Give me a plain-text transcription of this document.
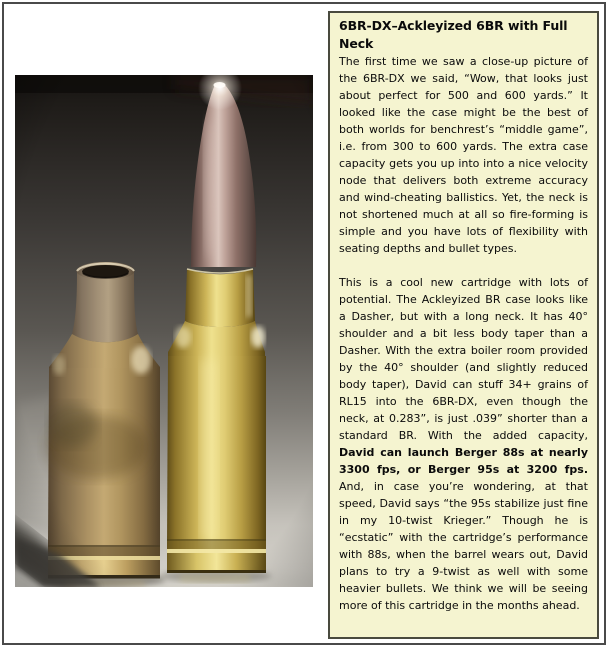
6BR-DX–Ackleyized 6BR with Full Neck

The first time we saw a close-up picture of the 6BR-DX we said, “Wow, that looks just about perfect for 500 and 600 yards.” It looked like the case might be the best of both worlds for benchrest’s “middle game”, i.e. from 300 to 600 yards. The extra case capacity gets you up into into a nice velocity node that delivers both extreme accuracy and wind-cheating ballistics. Yet, the neck is not shortened much at all so fire-forming is simple and you have lots of flexibility with seating depths and bullet types.

This is a cool new cartridge with lots of potential. The Ackleyized BR case looks like a Dasher, but with a long neck. It has 40° shoulder and a bit less body taper than a Dasher. With the extra boiler room provided by the 40° shoulder (and slightly reduced body taper), David can stuff 34+ grains of RL15 into the 6BR-DX, even though the neck, at 0.283”, is just .039” shorter than a standard BR. With the added capacity, David can launch Berger 88s at nearly 3300 fps, or Berger 95s at 3200 fps. And, in case you’re wondering, at that speed, David says “the 95s stabilize just fine in my 10-twist Krieger.” Though he is “ecstatic” with the cartridge’s performance with 88s, when the barrel wears out, David plans to try a 9-twist as well with some heavier bullets. We think we will be seeing more of this cartridge in the months ahead.
